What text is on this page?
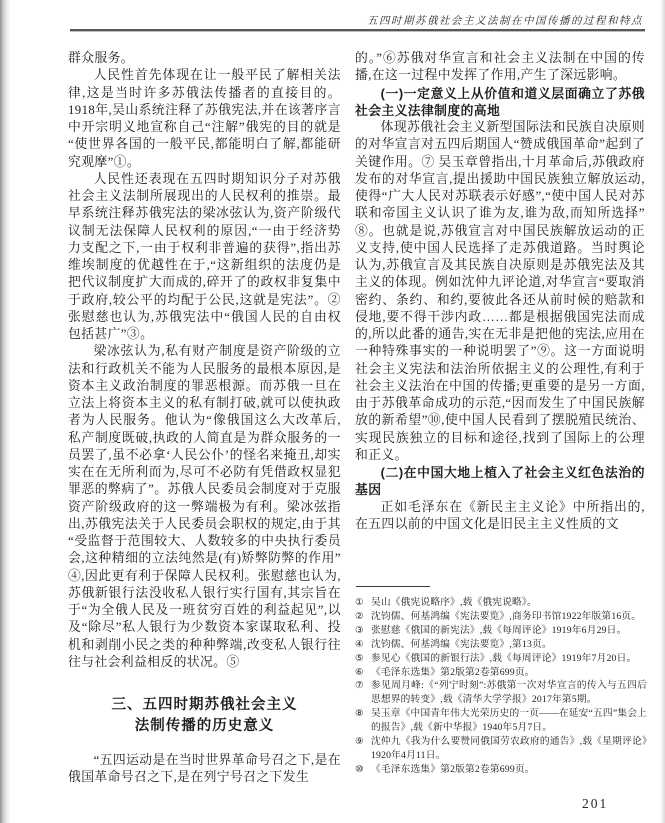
五四时期苏俄社会主义法制在中国传播的过程和特点

群众服务。

人民性首先体现在让一般平民了解相关法律,这是当时许多苏俄法传播者的直接目的。1918年,吴山系统注释了苏俄宪法,并在该著序言中开宗明义地宣称自己“注解”俄宪的目的就是“使世界各国的一般平民,都能明白了解,都能研究观摩”①。

人民性还表现在五四时期知识分子对苏俄社会主义法制所展现出的人民权利的推崇。最早系统注释苏俄宪法的梁冰弦认为,资产阶级代议制无法保障人民权利的原因,“一由于经济势力支配之下,一由于权利非普遍的获得”,指出苏维埃制度的优越性在于,“这新组织的法度仍是把代议制度扩大而成的,碎开了的政权非复集中于政府,较公平的均配于公民,这就是宪法”。② 张慰慈也认为,苏俄宪法中“俄国人民的自由权包括甚广”③。

梁冰弦认为,私有财产制度是资产阶级的立法和行政机关不能为人民服务的最根本原因,是资本主义政治制度的罪恶根源。而苏俄一旦在立法上将资本主义的私有制打破,就可以使执政者为人民服务。他认为“像俄国这么大改革后,私产制度既破,执政的人简直是为群众服务的一员罢了,虽不必拿‘人民公仆’的怪名来掩丑,却实实在在无所利而为,尽可不必防有凭借政权显犯罪恶的弊病了”。苏俄人民委员会制度对于克服资产阶级政府的这一弊端极为有利。梁冰弦指出,苏俄宪法关于人民委员会职权的规定,由于其“受监督于范围较大、人数较多的中央执行委员会,这种精细的立法纯然是(有)矫弊防弊的作用”④,因此更有利于保障人民权利。张慰慈也认为,苏俄新银行法没收私人银行实行国有,其宗旨在于“为全俄人民及一班贫穷百姓的利益起见”,以及“除尽”私人银行为少数资本家谋取私利、投机和剥削小民之类的种种弊端,改变私人银行往往与社会利益相反的状况。⑤

三、五四时期苏俄社会主义
法制传播的历史意义

“五四运动是在当时世界革命号召之下,是在俄国革命号召之下,是在列宁号召之下发生

的。”⑥苏俄对华宣言和社会主义法制在中国的传播,在这一过程中发挥了作用,产生了深远影响。

(一)一定意义上从价值和道义层面确立了苏俄社会主义法律制度的高地

体现苏俄社会主义新型国际法和民族自决原则的对华宣言对五四后期国人“赞成俄国革命”起到了关键作用。⑦ 吴玉章曾指出,十月革命后,苏俄政府发布的对华宣言,提出援助中国民族独立解放运动,使得“广大人民对苏联表示好感”,“使中国人民对苏联和帝国主义认识了谁为友,谁为敌,而知所选择”⑧。也就是说,苏俄宣言对中国民族解放运动的正义支持,使中国人民选择了走苏俄道路。当时舆论认为,苏俄宣言及其民族自决原则是苏俄宪法及其主义的体现。例如沈仲九评论道,对华宣言“要取消密约、条约、和约,要彼此各还从前时候的赔款和侵地,要不得干涉内政……都是根据俄国宪法而成的,所以此番的通告,实在无非是把他的宪法,应用在一种特殊事实的一种说明罢了”⑨。这一方面说明社会主义宪法和法治所依据主义的公理性,有利于社会主义法治在中国的传播;更重要的是另一方面,由于苏俄革命成功的示范,“因而发生了中国民族解放的新希望”⑩,使中国人民看到了摆脱殖民统治、实现民族独立的目标和途径,找到了国际上的公理和正义。

(二)在中国大地上植入了社会主义红色法治的基因

正如毛泽东在《新民主主义论》中所指出的,在五四以前的中国文化是旧民主主义性质的文

① 吴山《俄宪说略序》,载《俄宪说略》。

② 沈钧儒、何基鸿编《宪法要览》,商务印书馆1922年版第16页。

③ 张慰慈《俄国的新宪法》,载《每周评论》1919年6月29日。

④ 沈钧儒、何基鸿编《宪法要览》,第13页。

⑤ 参见心《俄国的新银行法》,载《每周评论》1919年7月20日。

⑥ 《毛泽东选集》第2版第2卷第699页。

⑦ 参见周月峰:《“列宁时刻”:苏俄第一次对华宣言的传入与五四后思想界的转变》,载《清华大学学报》2017年第5期。

⑧ 吴玉章《中国青年伟大光荣历史的一页——在延安“五四”集会上的报告》,载《新中华报》1940年5月7日。

⑨ 沈仲九《我为什么要赞同俄国劳农政府的通告》,载《星期评论》1920年4月11日。

⑩ 《毛泽东选集》第2版第2卷第699页。

201
